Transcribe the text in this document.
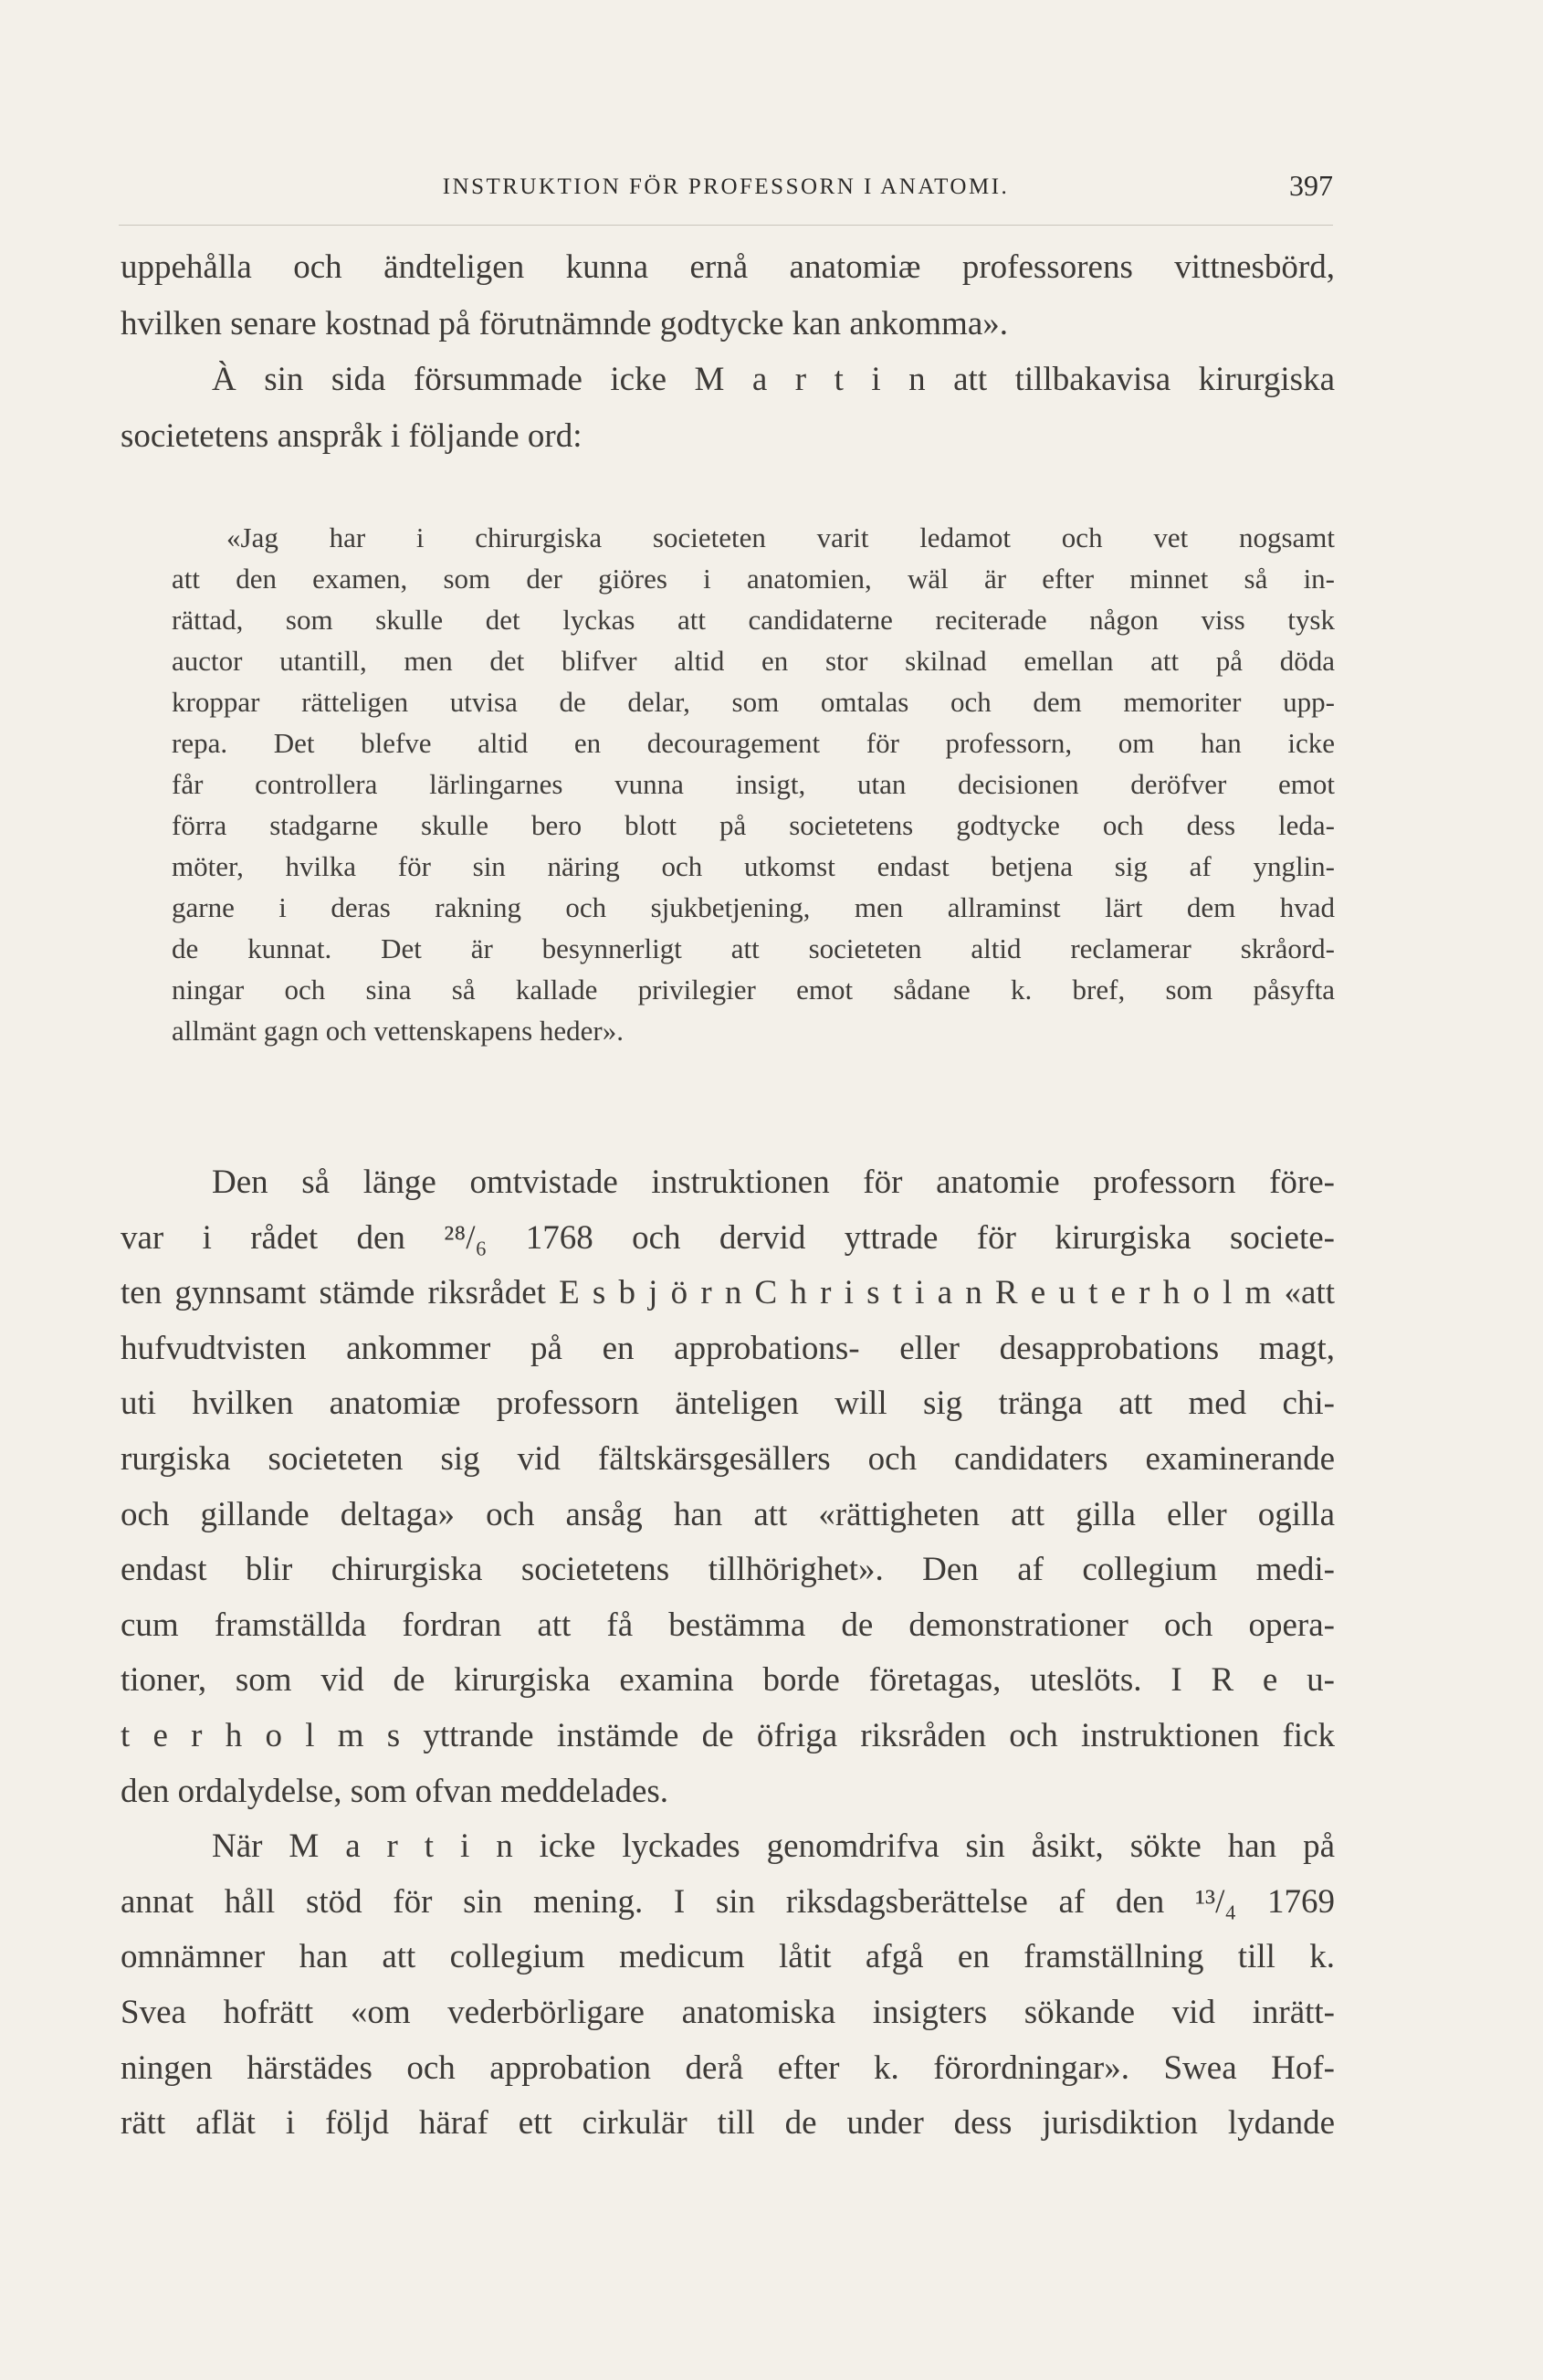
INSTRUKTION FÖR PROFESSORN I ANATOMI.	397
uppehålla och ändteligen kunna ernå anatomiæ professorens vittnesbörd,
hvilken senare kostnad på förutnämnde godtycke kan ankomma».
À sin sida försummade icke M a r t i n att tillbakavisa kirurgiska
societetens anspråk i följande ord:
«Jag har i chirurgiska societeten varit ledamot och vet nogsamt
att den examen, som der giöres i anatomien, wäl är efter minnet så in-
rättad, som skulle det lyckas att candidaterne reciterade någon viss tysk
auctor utantill, men det blifver altid en stor skilnad emellan att på döda
kroppar rätteligen utvisa de delar, som omtalas och dem memoriter upp-
repa. Det blefve altid en decouragement för professorn, om han icke
får controllera lärlingarnes vunna insigt, utan decisionen deröfver emot
förra stadgarne skulle bero blott på societetens godtycke och dess leda-
möter, hvilka för sin näring och utkomst endast betjena sig af ynglin-
garne i deras rakning och sjukbetjening, men allraminst lärt dem hvad
de kunnat. Det är besynnerligt att societeten altid reclamerar skråord-
ningar och sina så kallade privilegier emot sådane k. bref, som påsyfta
allmänt gagn och vettenskapens heder».
Den så länge omtvistade instruktionen för anatomie professorn före-
var i rådet den ²⁸/₆ 1768 och dervid yttrade för kirurgiska societe-
ten gynnsamt stämde riksrådet E s b j ö r n C h r i s t i a n R e u t e r h o l m «att
hufvudtvisten ankommer på en approbations- eller desapprobations magt,
uti hvilken anatomiæ professorn änteligen will sig tränga att med chi-
rurgiska societeten sig vid fältskärsgesällers och candidaters examinerande
och gillande deltaga» och ansåg han att «rättigheten att gilla eller ogilla
endast blir chirurgiska societetens tillhörighet». Den af collegium medi-
cum framställda fordran att få bestämma de demonstrationer och opera-
tioner, som vid de kirurgiska examina borde företagas, uteslöts. I R e u-
t e r h o l m s yttrande instämde de öfriga riksråden och instruktionen fick
den ordalydelse, som ofvan meddelades.
När M a r t i n icke lyckades genomdrifva sin åsikt, sökte han på
annat håll stöd för sin mening. I sin riksdagsberättelse af den ¹³/₄ 1769
omnämner han att collegium medicum låtit afgå en framställning till k.
Svea hofrätt «om vederbörligare anatomiska insigters sökande vid inrätt-
ningen härstädes och approbation derå efter k. förordningar». Swea Hof-
rätt aflät i följd häraf ett cirkulär till de under dess jurisdiktion lydande
